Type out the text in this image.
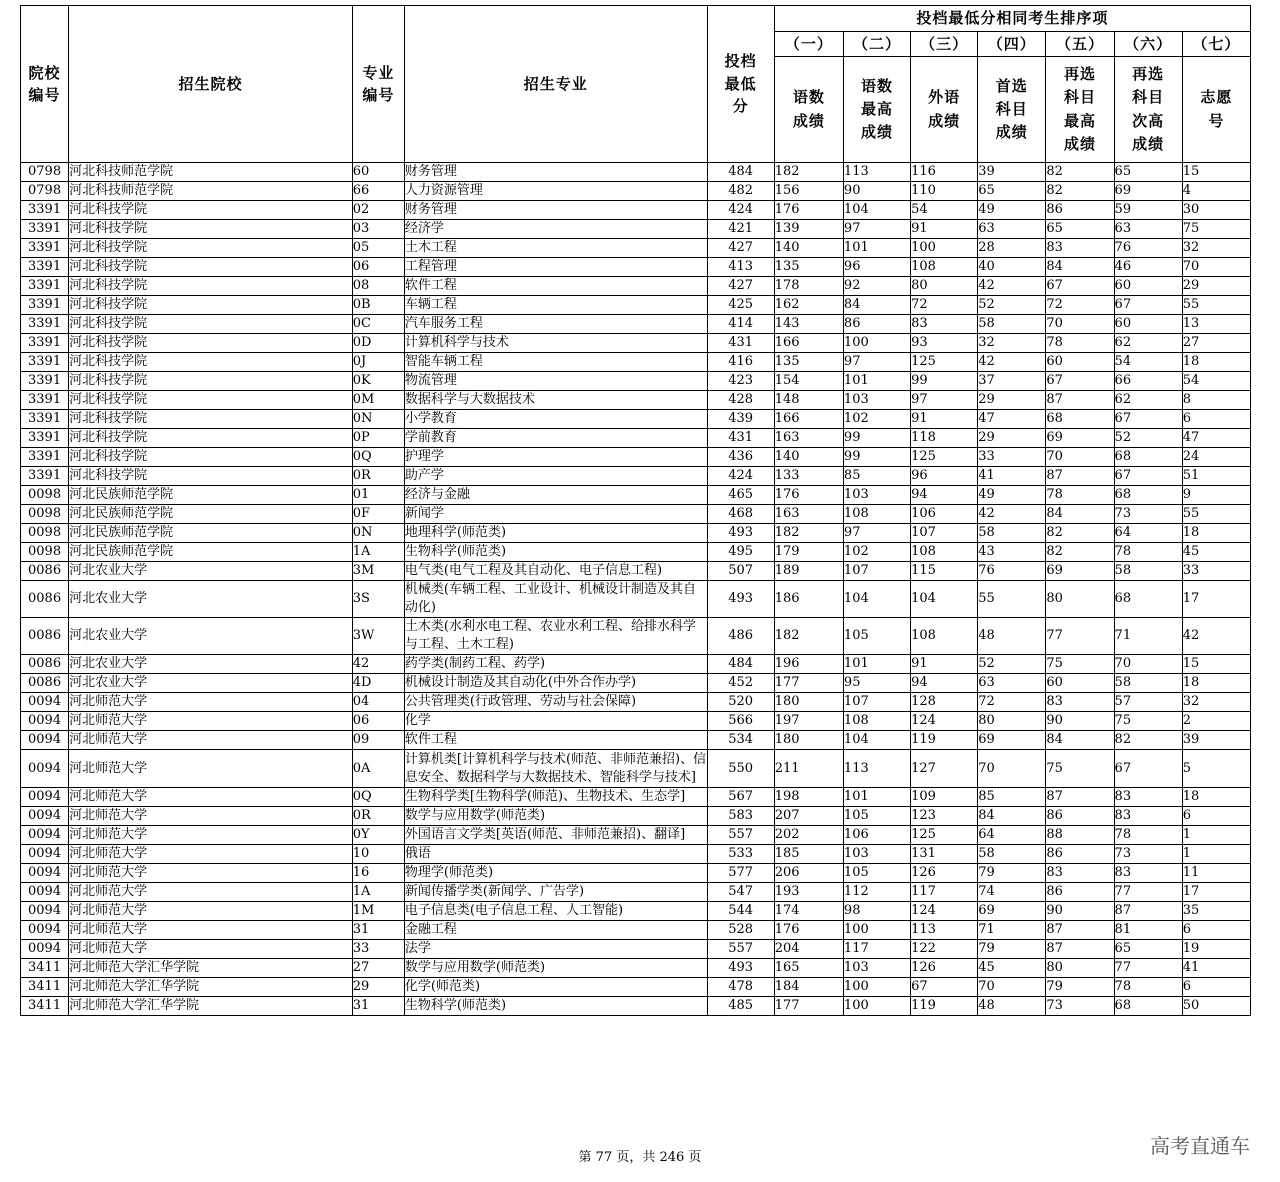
院校编号	招生院校	专业编号	招生专业	投档最低分	投档最低分相同考生排序项						
					（一）	（二）	（三）	（四）	（五）	（六）	（七）
					语数成绩	语数最高成绩	外语成绩	首选科目成绩	再选科目最高成绩	再选科目次高成绩	志愿号
0798	河北科技师范学院	60	财务管理	484	182	113	116	39	82	65	15
0798	河北科技师范学院	66	人力资源管理	482	156	90	110	65	82	69	4
3391	河北科技学院	02	财务管理	424	176	104	54	49	86	59	30
3391	河北科技学院	03	经济学	421	139	97	91	63	65	63	75
3391	河北科技学院	05	土木工程	427	140	101	100	28	83	76	32
3391	河北科技学院	06	工程管理	413	135	96	108	40	84	46	70
3391	河北科技学院	08	软件工程	427	178	92	80	42	67	60	29
3391	河北科技学院	0B	车辆工程	425	162	84	72	52	72	67	55
3391	河北科技学院	0C	汽车服务工程	414	143	86	83	58	70	60	13
3391	河北科技学院	0D	计算机科学与技术	431	166	100	93	32	78	62	27
3391	河北科技学院	0J	智能车辆工程	416	135	97	125	42	60	54	18
3391	河北科技学院	0K	物流管理	423	154	101	99	37	67	66	54
3391	河北科技学院	0M	数据科学与大数据技术	428	148	103	97	29	87	62	8
3391	河北科技学院	0N	小学教育	439	166	102	91	47	68	67	6
3391	河北科技学院	0P	学前教育	431	163	99	118	29	69	52	47
3391	河北科技学院	0Q	护理学	436	140	99	125	33	70	68	24
3391	河北科技学院	0R	助产学	424	133	85	96	41	87	67	51
0098	河北民族师范学院	01	经济与金融	465	176	103	94	49	78	68	9
0098	河北民族师范学院	0F	新闻学	468	163	108	106	42	84	73	55
0098	河北民族师范学院	0N	地理科学(师范类)	493	182	97	107	58	82	64	18
0098	河北民族师范学院	1A	生物科学(师范类)	495	179	102	108	43	82	78	45
0086	河北农业大学	3M	电气类(电气工程及其自动化、电子信息工程)	507	189	107	115	76	69	58	33
0086	河北农业大学	3S	机械类(车辆工程、工业设计、机械设计制造及其自动化)	493	186	104	104	55	80	68	17
0086	河北农业大学	3W	土木类(水利水电工程、农业水利工程、给排水科学与工程、土木工程)	486	182	105	108	48	77	71	42
0086	河北农业大学	42	药学类(制药工程、药学)	484	196	101	91	52	75	70	15
0086	河北农业大学	4D	机械设计制造及其自动化(中外合作办学)	452	177	95	94	63	60	58	18
0094	河北师范大学	04	公共管理类(行政管理、劳动与社会保障)	520	180	107	128	72	83	57	32
0094	河北师范大学	06	化学	566	197	108	124	80	90	75	2
0094	河北师范大学	09	软件工程	534	180	104	119	69	84	82	39
0094	河北师范大学	0A	计算机类[计算机科学与技术(师范、非师范兼招)、信息安全、数据科学与大数据技术、智能科学与技术]	550	211	113	127	70	75	67	5
0094	河北师范大学	0Q	生物科学类[生物科学(师范)、生物技术、生态学]	567	198	101	109	85	87	83	18
0094	河北师范大学	0R	数学与应用数学(师范类)	583	207	105	123	84	86	83	6
0094	河北师范大学	0Y	外国语言文学类[英语(师范、非师范兼招)、翻译]	557	202	106	125	64	88	78	1
0094	河北师范大学	10	俄语	533	185	103	131	58	86	73	1
0094	河北师范大学	16	物理学(师范类)	577	206	105	126	79	83	83	11
0094	河北师范大学	1A	新闻传播学类(新闻学、广告学)	547	193	112	117	74	86	77	17
0094	河北师范大学	1M	电子信息类(电子信息工程、人工智能)	544	174	98	124	69	90	87	35
0094	河北师范大学	31	金融工程	528	176	100	113	71	87	81	6
0094	河北师范大学	33	法学	557	204	117	122	79	87	65	19
3411	河北师范大学汇华学院	27	数学与应用数学(师范类)	493	165	103	126	45	80	77	41
3411	河北师范大学汇华学院	29	化学(师范类)	478	184	100	67	70	79	78	6
3411	河北师范大学汇华学院	31	生物科学(师范类)	485	177	100	119	48	73	68	50
第 77 页，共 246 页	高考直通车
